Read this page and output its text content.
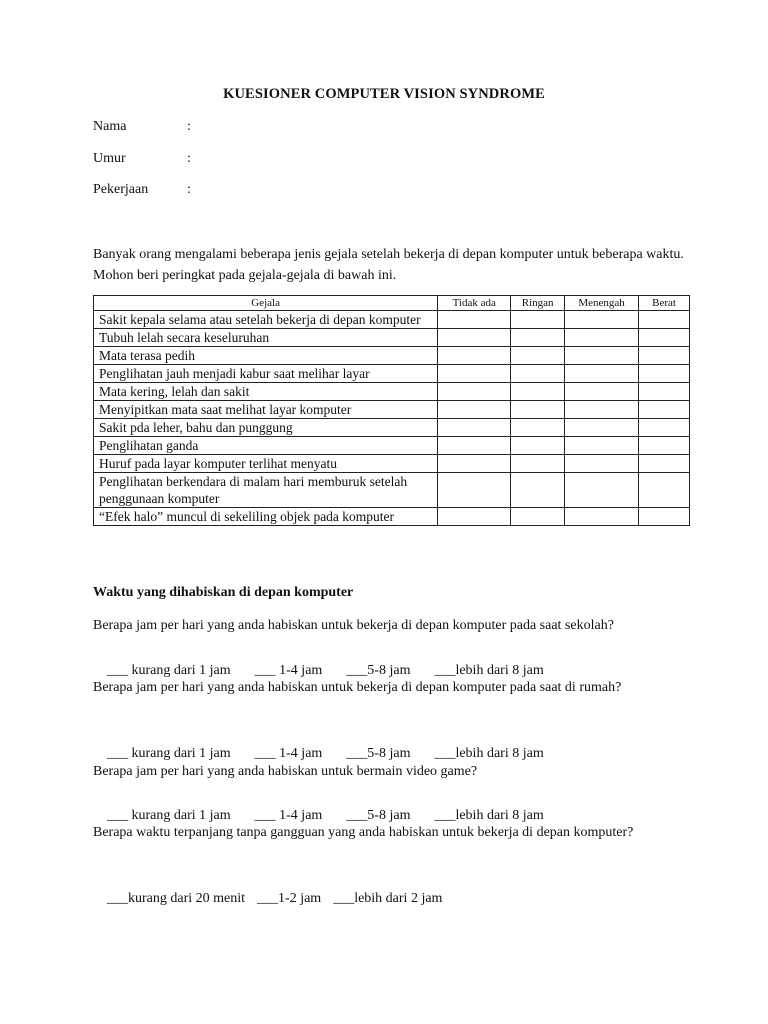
KUESIONER COMPUTER VISION SYNDROME
Nama	:
Umur	:
Pekerjaan	:
Banyak orang mengalami beberapa jenis gejala setelah bekerja di depan komputer untuk beberapa waktu. Mohon beri peringkat pada gejala-gejala di bawah ini.
Gejala	Tidak ada	Ringan	Menengah	Berat
Sakit kepala selama atau setelah bekerja di depan komputer				
Tubuh lelah secara keseluruhan				
Mata terasa pedih				
Penglihatan jauh menjadi kabur saat melihar layar				
Mata kering, lelah dan sakit				
Menyipitkan mata saat melihat layar komputer				
Sakit pda leher, bahu dan punggung				
Penglihatan ganda				
Huruf pada layar komputer terlihat menyatu				
Penglihatan berkendara di malam hari memburuk setelah penggunaan komputer				
“Efek halo” muncul di sekeliling objek pada komputer				
Waktu yang dihabiskan di depan komputer
Berapa jam per hari yang anda habiskan untuk bekerja di depan komputer pada saat sekolah?

___ kurang dari 1 jam ___ 1-4 jam ___5-8 jam ___lebih dari 8 jam

Berapa jam per hari yang anda habiskan untuk bekerja di depan komputer pada saat di rumah?

___ kurang dari 1 jam ___ 1-4 jam ___5-8 jam ___lebih dari 8 jam

Berapa jam per hari yang anda habiskan untuk bermain video game?

___ kurang dari 1 jam ___ 1-4 jam ___5-8 jam ___lebih dari 8 jam

Berapa waktu terpanjang tanpa gangguan yang anda habiskan untuk bekerja di depan komputer?

___kurang dari 20 menit ___1-2 jam ___lebih dari 2 jam
